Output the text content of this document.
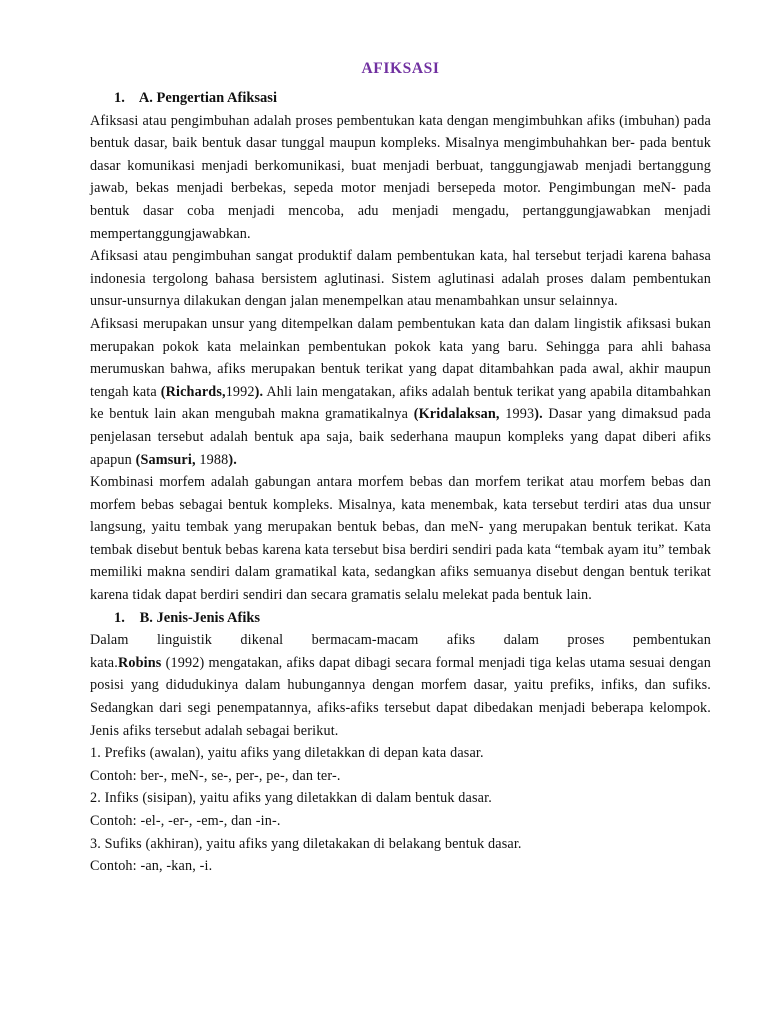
AFIKSASI
1. A. Pengertian Afiksasi

Afiksasi atau pengimbuhan adalah proses pembentukan kata dengan mengimbuhkan afiks (imbuhan) pada bentuk dasar, baik bentuk dasar tunggal maupun kompleks. Misalnya mengimbuhahkan ber- pada bentuk dasar komunikasi menjadi berkomunikasi, buat menjadi berbuat, tanggungjawab menjadi bertanggung jawab, bekas menjadi berbekas, sepeda motor menjadi bersepeda motor. Pengimbungan meN- pada bentuk dasar coba menjadi mencoba, adu menjadi mengadu, pertanggungjawabkan menjadi mempertanggungjawabkan.

Afiksasi atau pengimbuhan sangat produktif dalam pembentukan kata, hal tersebut terjadi karena bahasa indonesia tergolong bahasa bersistem aglutinasi. Sistem aglutinasi adalah proses dalam pembentukan unsur-unsurnya dilakukan dengan jalan menempelkan atau menambahkan unsur selainnya.

Afiksasi merupakan unsur yang ditempelkan dalam pembentukan kata dan dalam lingistik afiksasi bukan merupakan pokok kata melainkan pembentukan pokok kata yang baru. Sehingga para ahli bahasa merumuskan bahwa, afiks merupakan bentuk terikat yang dapat ditambahkan pada awal, akhir maupun tengah kata (Richards,1992). Ahli lain mengatakan, afiks adalah bentuk terikat yang apabila ditambahkan ke bentuk lain akan mengubah makna gramatikalnya (Kridalaksan, 1993). Dasar yang dimaksud pada penjelasan tersebut adalah bentuk apa saja, baik sederhana maupun kompleks yang dapat diberi afiks apapun (Samsuri, 1988).

Kombinasi morfem adalah gabungan antara morfem bebas dan morfem terikat atau morfem bebas dan morfem bebas sebagai bentuk kompleks. Misalnya, kata menembak, kata tersebut terdiri atas dua unsur langsung, yaitu tembak yang merupakan bentuk bebas, dan meN- yang merupakan bentuk terikat. Kata tembak disebut bentuk bebas karena kata tersebut bisa berdiri sendiri pada kata “tembak ayam itu” tembak memiliki makna sendiri dalam gramatikal kata, sedangkan afiks semuanya disebut dengan bentuk terikat karena tidak dapat berdiri sendiri dan secara gramatis selalu melekat pada bentuk lain.

1. B. Jenis-Jenis Afiks

Dalam linguistik dikenal bermacam-macam afiks dalam proses pembentukan

kata.Robins (1992) mengatakan, afiks dapat dibagi secara formal menjadi tiga kelas utama sesuai dengan posisi yang didudukinya dalam hubungannya dengan morfem dasar, yaitu prefiks, infiks, dan sufiks. Sedangkan dari segi penempatannya, afiks-afiks tersebut dapat dibedakan menjadi beberapa kelompok. Jenis afiks tersebut adalah sebagai berikut.

1. Prefiks (awalan), yaitu afiks yang diletakkan di depan kata dasar.

Contoh: ber-, meN-, se-, per-, pe-, dan ter-.

2. Infiks (sisipan), yaitu afiks yang diletakkan di dalam bentuk dasar.

Contoh: -el-, -er-, -em-, dan -in-.

3. Sufiks (akhiran), yaitu afiks yang diletakakan di belakang bentuk dasar.

Contoh: -an, -kan, -i.
